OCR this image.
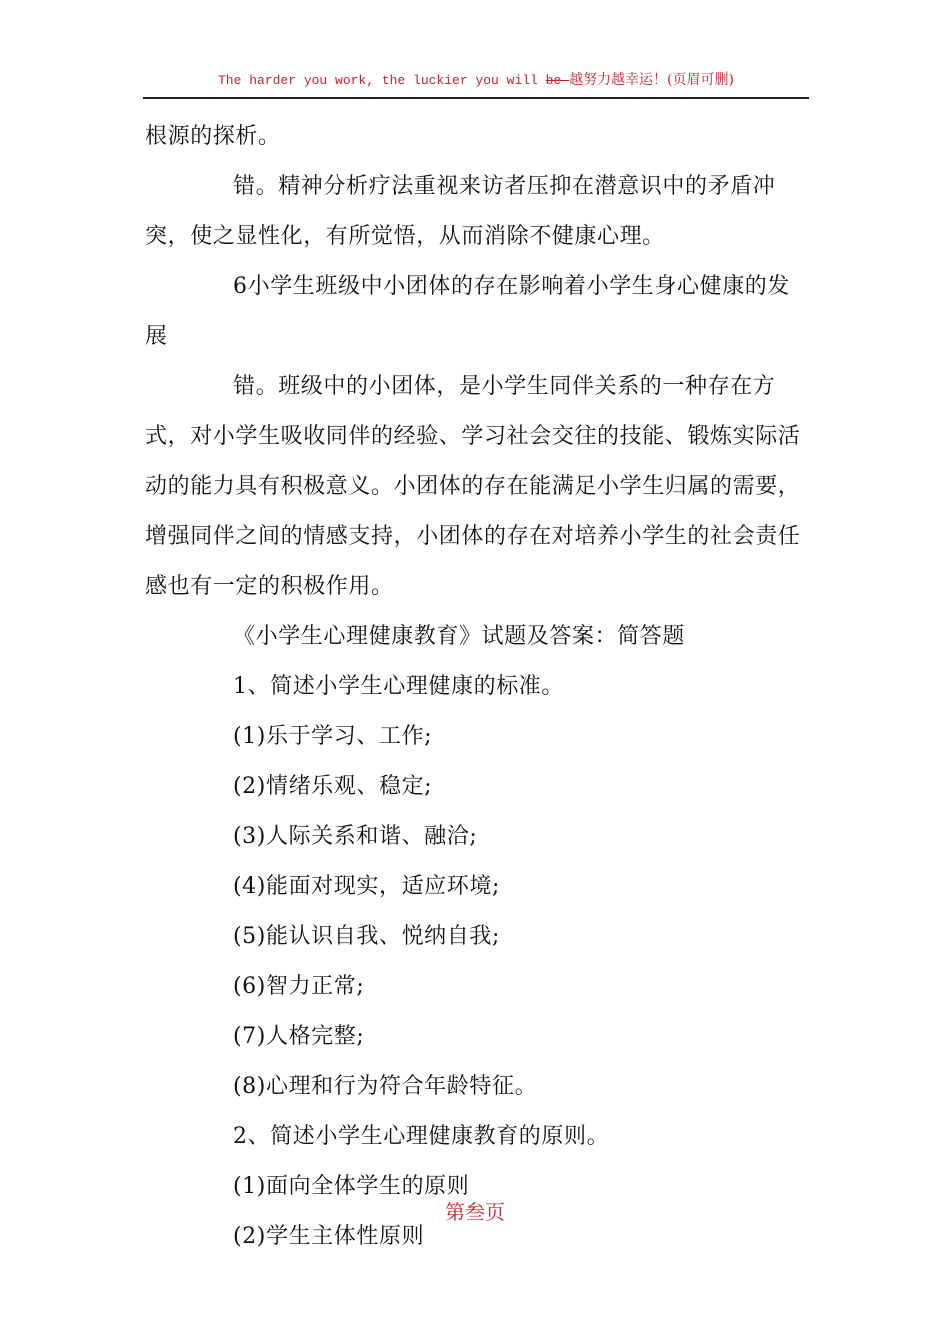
The harder you work, the luckier you will be—越努力越幸运！(页眉可删)

根源的探析。

错。精神分析疗法重视来访者压抑在潜意识中的矛盾冲突，使之显性化，有所觉悟，从而消除不健康心理。

6小学生班级中小团体的存在影响着小学生身心健康的发展

错。班级中的小团体，是小学生同伴关系的一种存在方式，对小学生吸收同伴的经验、学习社会交往的技能、锻炼实际活动的能力具有积极意义。小团体的存在能满足小学生归属的需要，增强同伴之间的情感支持，小团体的存在对培养小学生的社会责任感也有一定的积极作用。

《小学生心理健康教育》试题及答案：简答题

1、简述小学生心理健康的标准。

(1)乐于学习、工作;

(2)情绪乐观、稳定;

(3)人际关系和谐、融洽;

(4)能面对现实，适应环境;

(5)能认识自我、悦纳自我;

(6)智力正常;

(7)人格完整;

(8)心理和行为符合年龄特征。

2、简述小学生心理健康教育的原则。

(1)面向全体学生的原则

(2)学生主体性原则

第叁页
